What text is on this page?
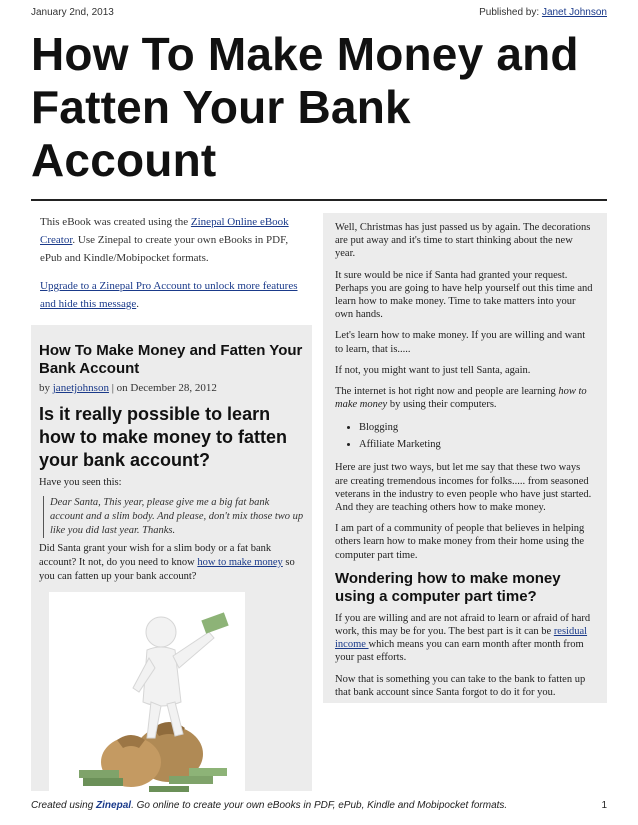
January 2nd, 2013	Published by: Janet Johnson
How To Make Money and Fatten Your Bank Account

This eBook was created using the Zinepal Online eBook Creator. Use Zinepal to create your own eBooks in PDF, ePub and Kindle/Mobipocket formats.

Upgrade to a Zinepal Pro Account to unlock more features and hide this message.

How To Make Money and Fatten Your Bank Account

by janetjohnson | on December 28, 2012

Is it really possible to learn how to make money to fatten your bank account?

Have you seen this:

Dear Santa, This year, please give me a big fat bank account and a slim body. And please, don't mix those two up like you did last year. Thanks.

Did Santa grant your wish for a slim body or a fat bank account? It not, do you need to know how to make money so you can fatten up your bank account?

Well, Christmas has just passed us by again. The decorations are put away and it's time to start thinking about the new year.

It sure would be nice if Santa had granted your request. Perhaps you are going to have help yourself out this time and learn how to make money. Time to take matters into your own hands.

Let's learn how to make money. If you are willing and want to learn, that is.....

If not, you might want to just tell Santa, again.

The internet is hot right now and people are learning how to make money by using their computers.

• Blogging
• Affiliate Marketing

Here are just two ways, but let me say that these two ways are creating tremendous incomes for folks..... from seasoned veterans in the industry to even people who have just started. And they are teaching others how to make money.

I am part of a community of people that believes in helping others learn how to make money from their home using the computer part time.

Wondering how to make money using a computer part time?

If you are willing and are not afraid to learn or afraid of hard work, this may be for you. The best part is it can be residual income which means you can earn month after month from your past efforts.

Now that is something you can take to the bank to fatten up that bank account since Santa forgot to do it for you.

Created using Zinepal. Go online to create your own eBooks in PDF, ePub, Kindle and Mobipocket formats.	1
